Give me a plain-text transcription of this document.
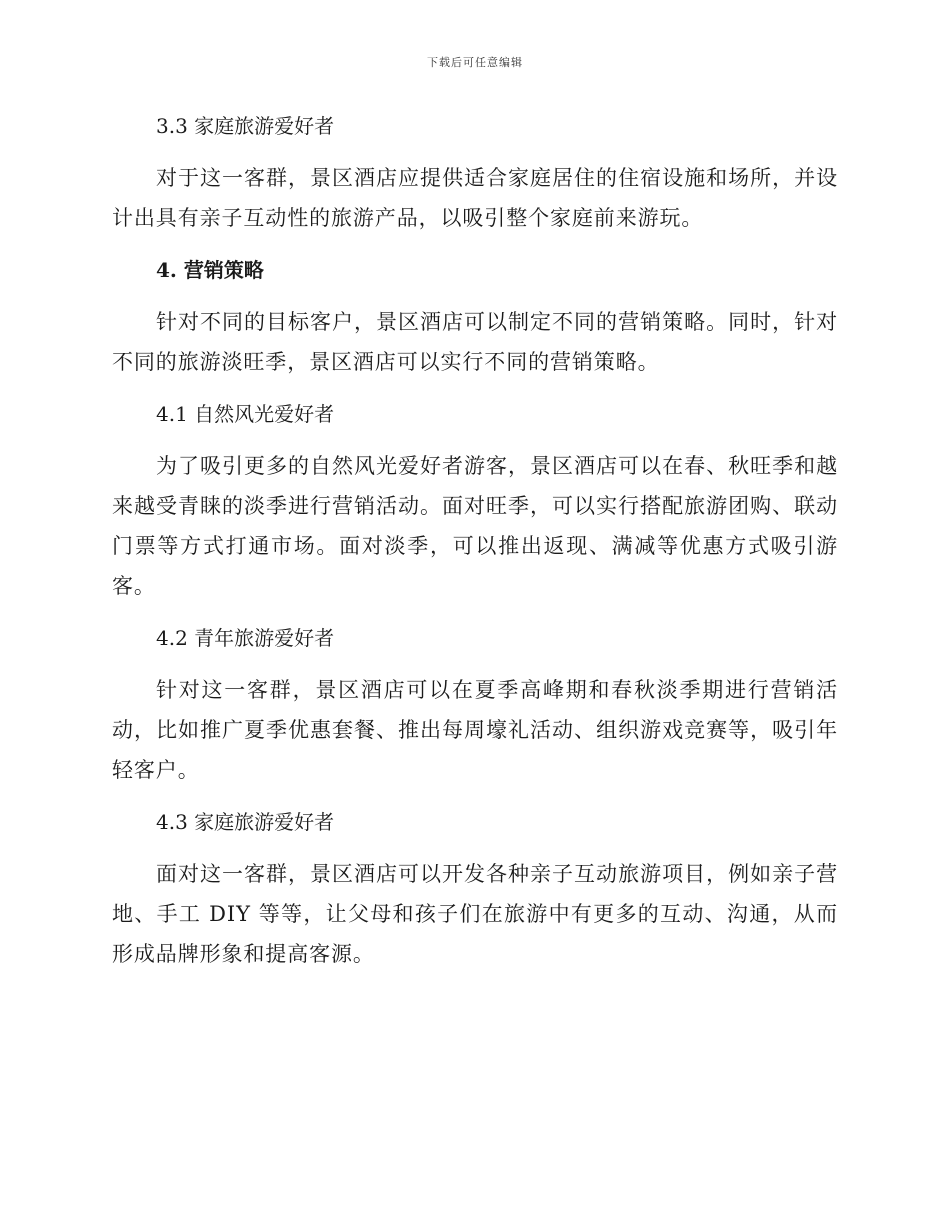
下载后可任意编辑
3.3 家庭旅游爱好者

对于这一客群，景区酒店应提供适合家庭居住的住宿设施和场所，并设计出具有亲子互动性的旅游产品，以吸引整个家庭前来游玩。

4. 营销策略

针对不同的目标客户，景区酒店可以制定不同的营销策略。同时，针对不同的旅游淡旺季，景区酒店可以实行不同的营销策略。

4.1 自然风光爱好者

为了吸引更多的自然风光爱好者游客，景区酒店可以在春、秋旺季和越来越受青睐的淡季进行营销活动。面对旺季，可以实行搭配旅游团购、联动门票等方式打通市场。面对淡季，可以推出返现、满减等优惠方式吸引游客。

4.2 青年旅游爱好者

针对这一客群，景区酒店可以在夏季高峰期和春秋淡季期进行营销活动，比如推广夏季优惠套餐、推出每周壕礼活动、组织游戏竞赛等，吸引年轻客户。

4.3 家庭旅游爱好者

面对这一客群，景区酒店可以开发各种亲子互动旅游项目，例如亲子营地、手工 DIY 等等，让父母和孩子们在旅游中有更多的互动、沟通，从而形成品牌形象和提高客源。
